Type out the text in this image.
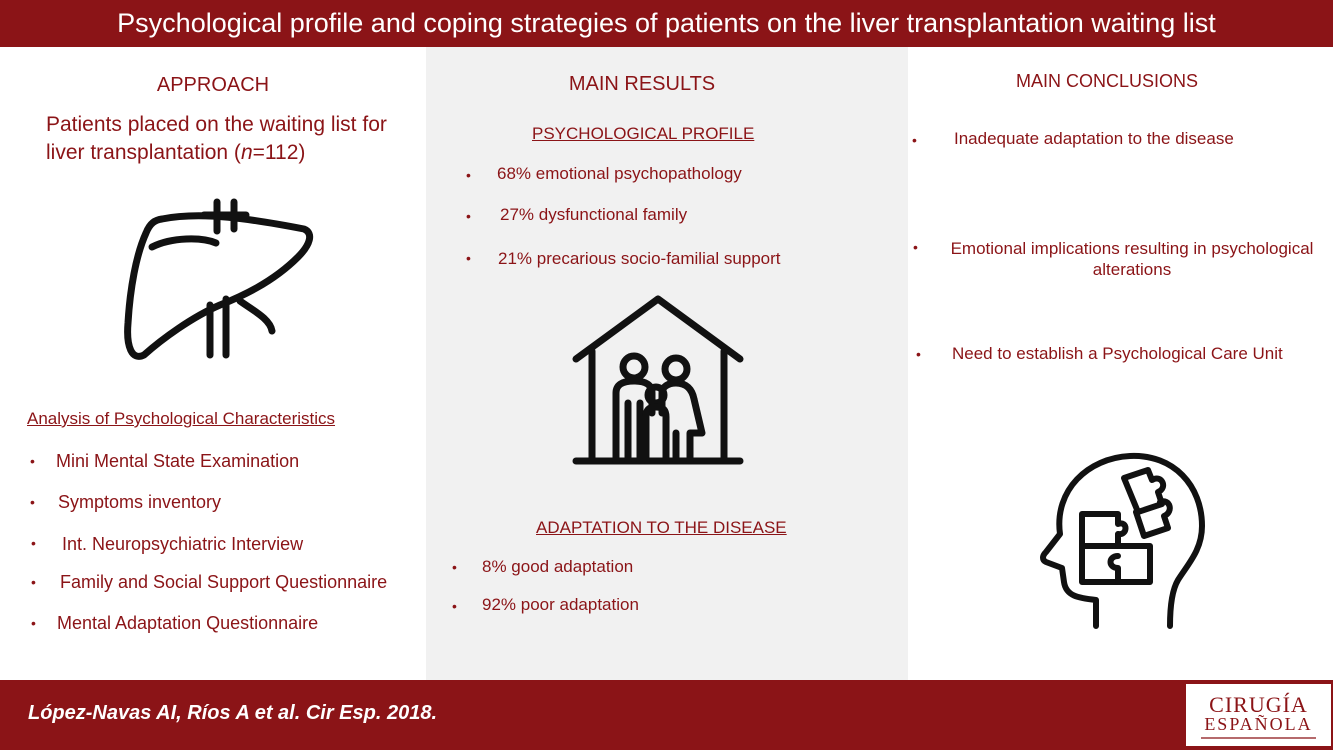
Psychological profile and coping strategies of patients on the liver transplantation waiting list
APPROACH
Patients placed on the waiting list for liver transplantation (n=112)
Analysis of Psychological Characteristics
• Mini Mental State Examination
• Symptoms inventory
• Int. Neuropsychiatric Interview
• Family and Social Support Questionnaire
• Mental Adaptation Questionnaire
MAIN RESULTS
PSYCHOLOGICAL PROFILE
• 68% emotional psychopathology
• 27% dysfunctional family
• 21% precarious socio-familial support
ADAPTATION TO THE DISEASE
• 8% good adaptation
• 92% poor adaptation
MAIN CONCLUSIONS
• Inadequate adaptation to the disease
•	Emotional implications resulting in psychological alterations
• Need to establish a Psychological Care Unit
López-Navas AI, Ríos A et al. Cir Esp. 2018.	CIRUGÍA
ESPAÑOLA
